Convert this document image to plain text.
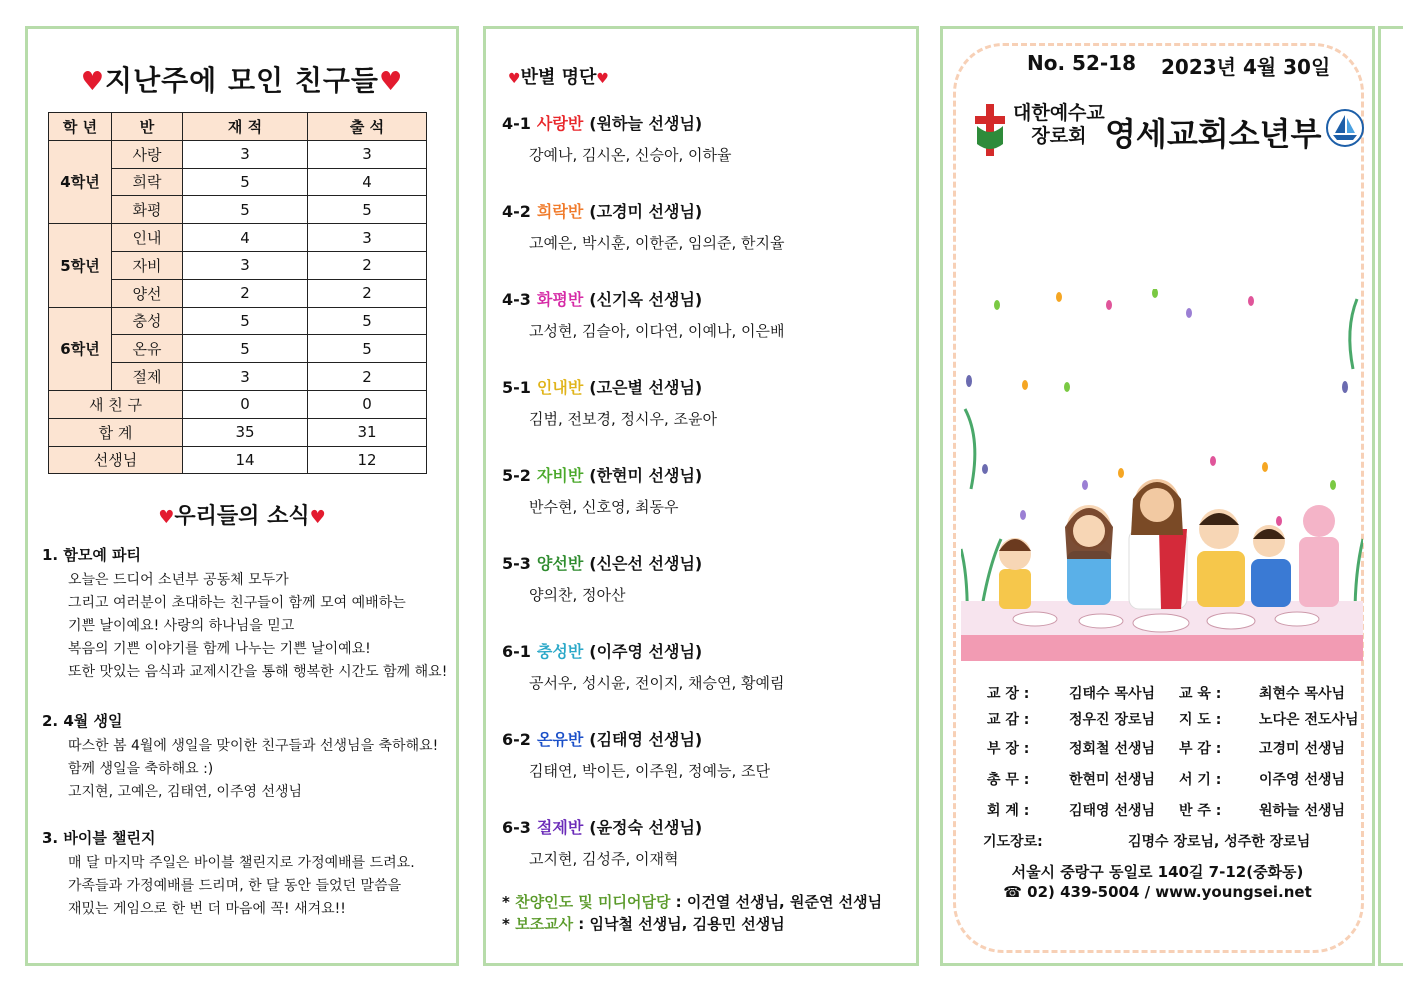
♥지난주에 모인 친구들♥
학 년	반	재 적	출 석
4학년	사랑	3	3
	희락	5	4
	화평	5	5
5학년	인내	4	3
	자비	3	2
	양선	2	2
6학년	충성	5	5
	온유	5	5
	절제	3	2
새 친 구		0	0
합 계		35	31
선생님		14	12
♥우리들의 소식♥
1. 함모예 파티
오늘은 드디어 소년부 공동체 모두가
그리고 여러분이 초대하는 친구들이 함께 모여 예배하는
기쁜 날이예요! 사랑의 하나님을 믿고
복음의 기쁜 이야기를 함께 나누는 기쁜 날이예요!
또한 맛있는 음식과 교제시간을 통해 행복한 시간도 함께 해요!
2. 4월 생일
따스한 봄 4월에 생일을 맞이한 친구들과 선생님을 축하해요!
함께 생일을 축하해요 :)
고지현, 고예은, 김태연, 이주영 선생님
3. 바이블 챌린지
매 달 마지막 주일은 바이블 챌린지로 가정예배를 드려요.
가족들과 가정예배를 드리며, 한 달 동안 들었던 말씀을
재밌는 게임으로 한 번 더 마음에 꼭! 새겨요!!
♥반별 명단♥
4-1 사랑반 (원하늘 선생님)
강예나, 김시온, 신승아, 이하율
4-2 희락반 (고경미 선생님)
고예은, 박시훈, 이한준, 임의준, 한지율
4-3 화평반 (신기옥 선생님)
고성현, 김슬아, 이다연, 이예나, 이은배
5-1 인내반 (고은별 선생님)
김범, 전보경, 정시우, 조윤아
5-2 자비반 (한현미 선생님)
반수현, 신호영, 최동우
5-3 양선반 (신은선 선생님)
양의찬, 정아산
6-1 충성반 (이주영 선생님)
공서우, 성시윤, 전이지, 채승연, 황예림
6-2 온유반 (김태영 선생님)
김태연, 박이든, 이주원, 정예능, 조단
6-3 절제반 (윤정숙 선생님)
고지현, 김성주, 이재혁
* 찬양인도 및 미디어담당 : 이건열 선생님, 원준연 선생님
* 보조교사 : 임낙철 선생님, 김용민 선생님
No. 52-18 2023년 4월 30일
대한예수교
장로회 영세교회소년부
교 장 :	김태수 목사님 교 육 :	최현수 목사님
교 감 :	정우진 장로님 지 도 :	노다은 전도사님
부 장 :	정회철 선생님 부 감 :	고경미 선생님
총 무 :	한현미 선생님 서 기 :	이주영 선생님
회 계 :	김태영 선생님 반 주 :	원하늘 선생님
기도장로:	김명수 장로님, 성주한 장로님
서울시 중랑구 동일로 140길 7-12(중화동)
☎ 02) 439-5004 / www.youngsei.net
